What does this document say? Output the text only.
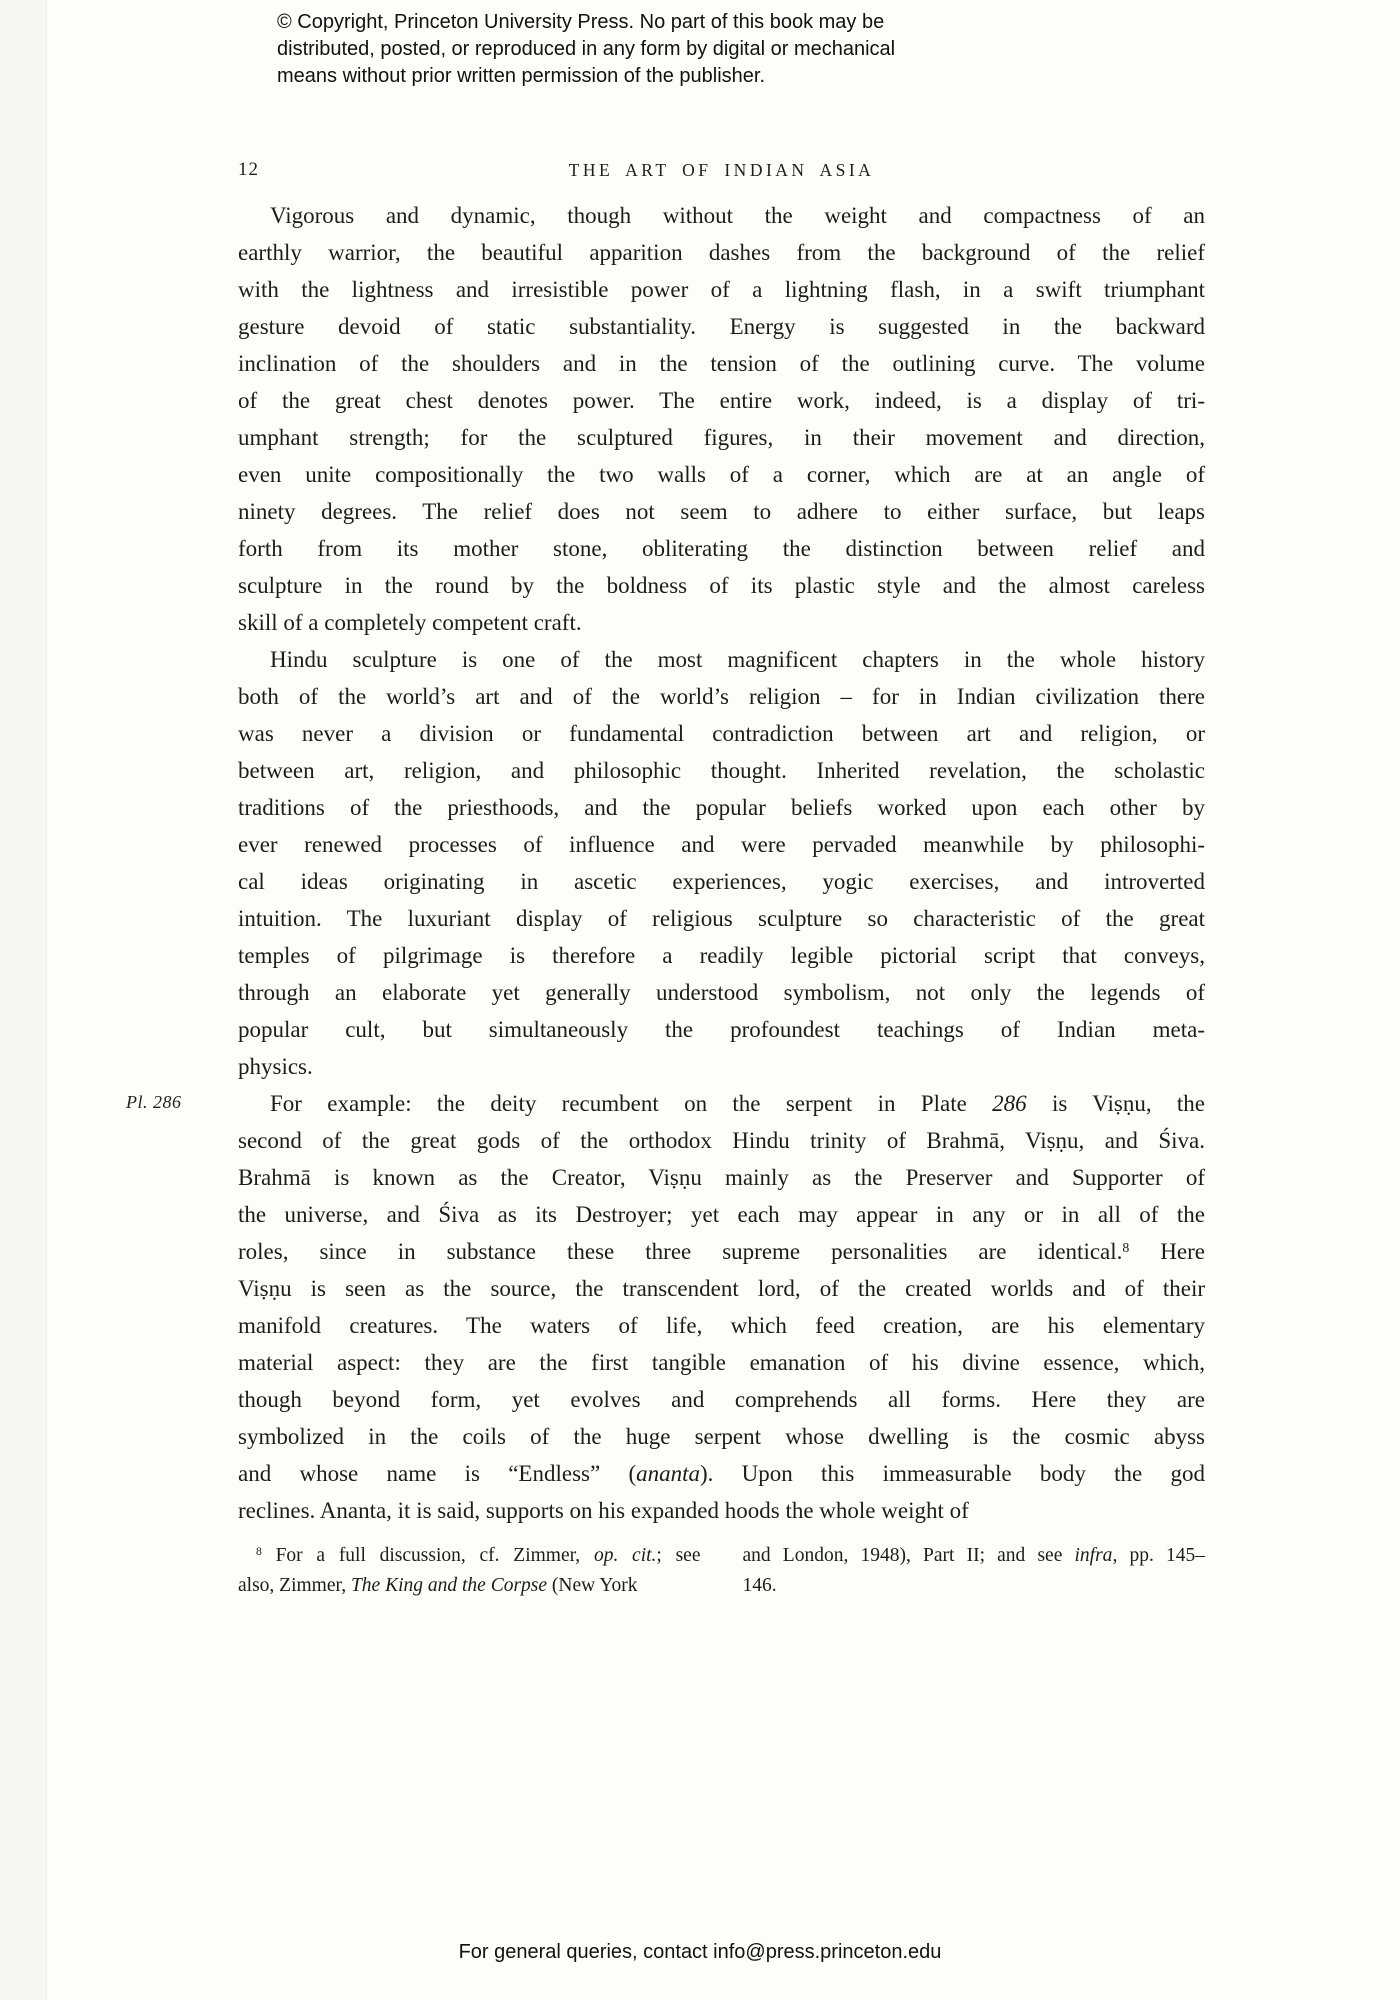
© Copyright, Princeton University Press. No part of this book may be
distributed, posted, or reproduced in any form by digital or mechanical
means without prior written permission of the publisher.
12	THE ART OF INDIAN ASIA
Vigorous and dynamic, though without the weight and compactness of an
earthly warrior, the beautiful apparition dashes from the background of the relief
with the lightness and irresistible power of a lightning flash, in a swift triumphant
gesture devoid of static substantiality. Energy is suggested in the backward
inclination of the shoulders and in the tension of the outlining curve. The volume
of the great chest denotes power. The entire work, indeed, is a display of tri-
umphant strength; for the sculptured figures, in their movement and direction,
even unite compositionally the two walls of a corner, which are at an angle of
ninety degrees. The relief does not seem to adhere to either surface, but leaps
forth from its mother stone, obliterating the distinction between relief and
sculpture in the round by the boldness of its plastic style and the almost careless
skill of a completely competent craft.
Hindu sculpture is one of the most magnificent chapters in the whole history
both of the world’s art and of the world’s religion – for in Indian civilization there
was never a division or fundamental contradiction between art and religion, or
between art, religion, and philosophic thought. Inherited revelation, the scholastic
traditions of the priesthoods, and the popular beliefs worked upon each other by
ever renewed processes of influence and were pervaded meanwhile by philosophi-
cal ideas originating in ascetic experiences, yogic exercises, and introverted
intuition. The luxuriant display of religious sculpture so characteristic of the great
temples of pilgrimage is therefore a readily legible pictorial script that conveys,
through an elaborate yet generally understood symbolism, not only the legends of
popular cult, but simultaneously the profoundest teachings of Indian meta-
physics.
Pl. 286	For example: the deity recumbent on the serpent in Plate 286 is Viṣṇu, the
second of the great gods of the orthodox Hindu trinity of Brahmā, Viṣṇu, and Śiva.
Brahmā is known as the Creator, Viṣṇu mainly as the Preserver and Supporter of
the universe, and Śiva as its Destroyer; yet each may appear in any or in all of the
roles, since in substance these three supreme personalities are identical.$^8$ Here
Viṣṇu is seen as the source, the transcendent lord, of the created worlds and of their
manifold creatures. The waters of life, which feed creation, are his elementary
material aspect: they are the first tangible emanation of his divine essence, which,
though beyond form, yet evolves and comprehends all forms. Here they are
symbolized in the coils of the huge serpent whose dwelling is the cosmic abyss
and whose name is “Endless” (ananta). Upon this immeasurable body the god
reclines. Ananta, it is said, supports on his expanded hoods the whole weight of
$^8$ For a full discussion, cf. Zimmer, op. cit.; see
also, Zimmer, The King and the Corpse (New York
and London, 1948), Part II; and see infra, pp. 145–
146.
For general queries, contact info@press.princeton.edu
